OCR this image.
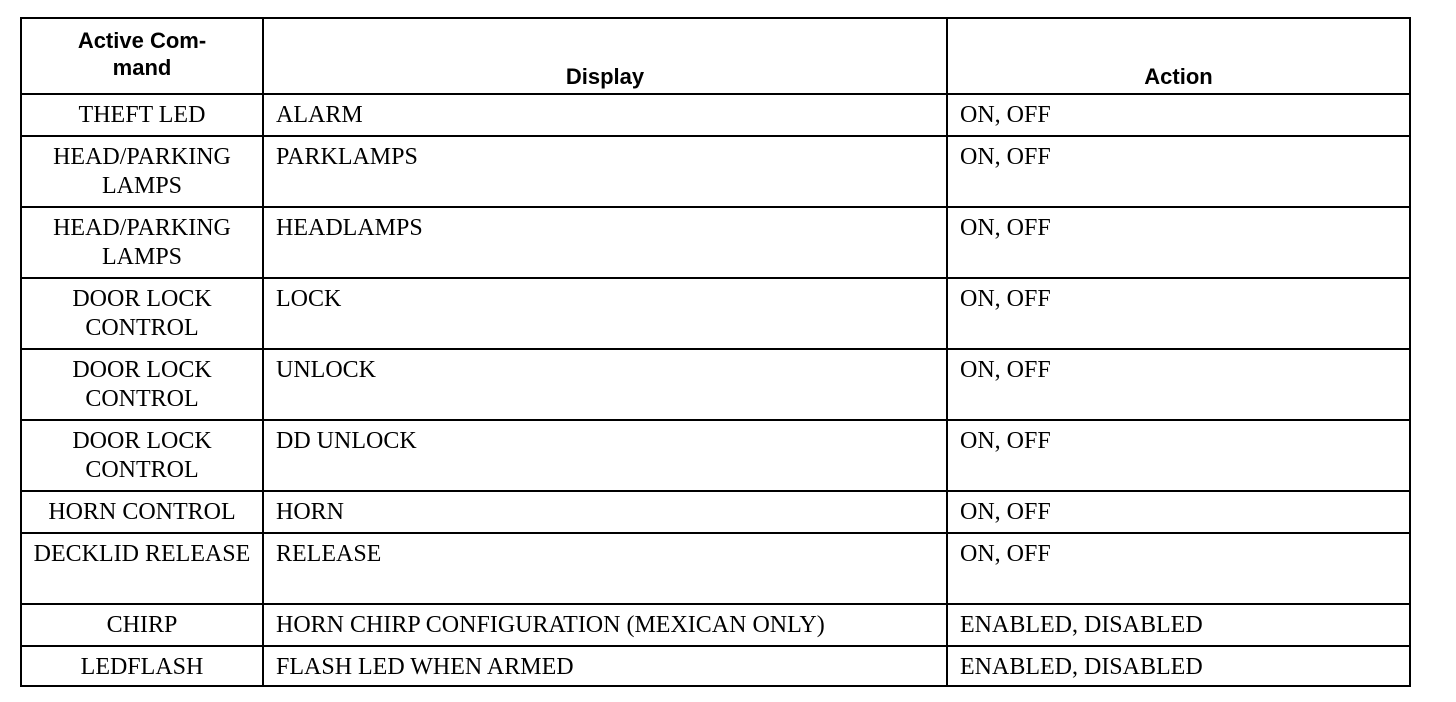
Active Com-
mand	Display	Action
THEFT LED	ALARM	ON, OFF
HEAD/PARKING LAMPS	PARKLAMPS	ON, OFF
HEAD/PARKING LAMPS	HEADLAMPS	ON, OFF
DOOR LOCK CONTROL	LOCK	ON, OFF
DOOR LOCK CONTROL	UNLOCK	ON, OFF
DOOR LOCK CONTROL	DD UNLOCK	ON, OFF
HORN CONTROL	HORN	ON, OFF
DECKLID RELEASE	RELEASE	ON, OFF
CHIRP	HORN CHIRP CONFIGURATION (MEXICAN ONLY)	ENABLED, DISABLED
LEDFLASH	FLASH LED WHEN ARMED	ENABLED, DISABLED
